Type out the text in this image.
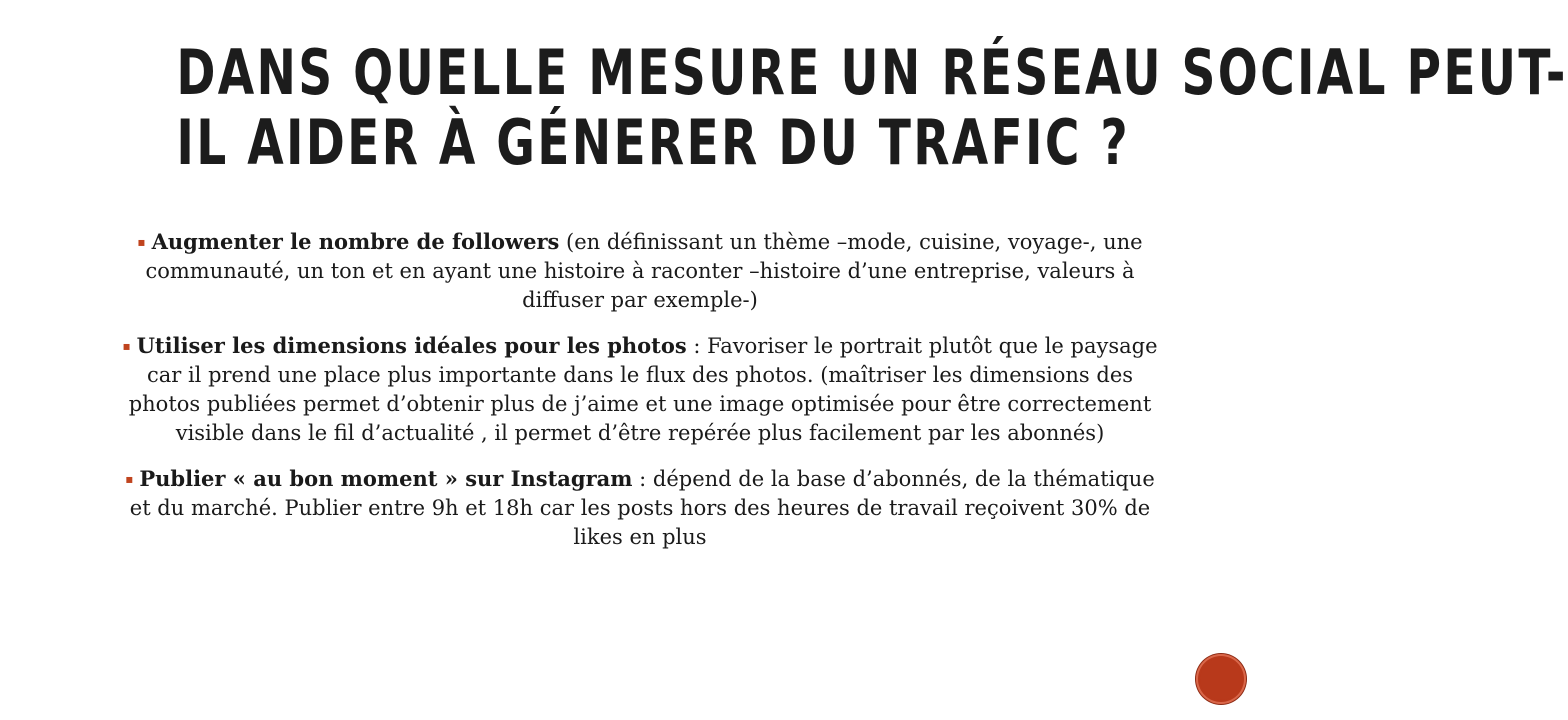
DANS QUELLE MESURE UN RÉSEAU SOCIAL PEUT-
IL AIDER À GÉNERER DU TRAFIC ?

▪ Augmenter le nombre de followers (en définissant un thème –mode, cuisine, voyage-, une communauté, un ton et en ayant une histoire à raconter –histoire d’une entreprise, valeurs à diffuser par exemple-)

▪ Utiliser les dimensions idéales pour les photos : Favoriser le portrait plutôt que le paysage car il prend une place plus importante dans le flux des photos. (maîtriser les dimensions des photos publiées permet d’obtenir plus de j’aime et une image optimisée pour être correctement visible dans le fil d’actualité , il permet d’être repérée plus facilement par les abonnés)

▪ Publier « au bon moment » sur Instagram : dépend de la base d’abonnés, de la thématique et du marché. Publier entre 9h et 18h car les posts hors des heures de travail reçoivent 30% de likes en plus
